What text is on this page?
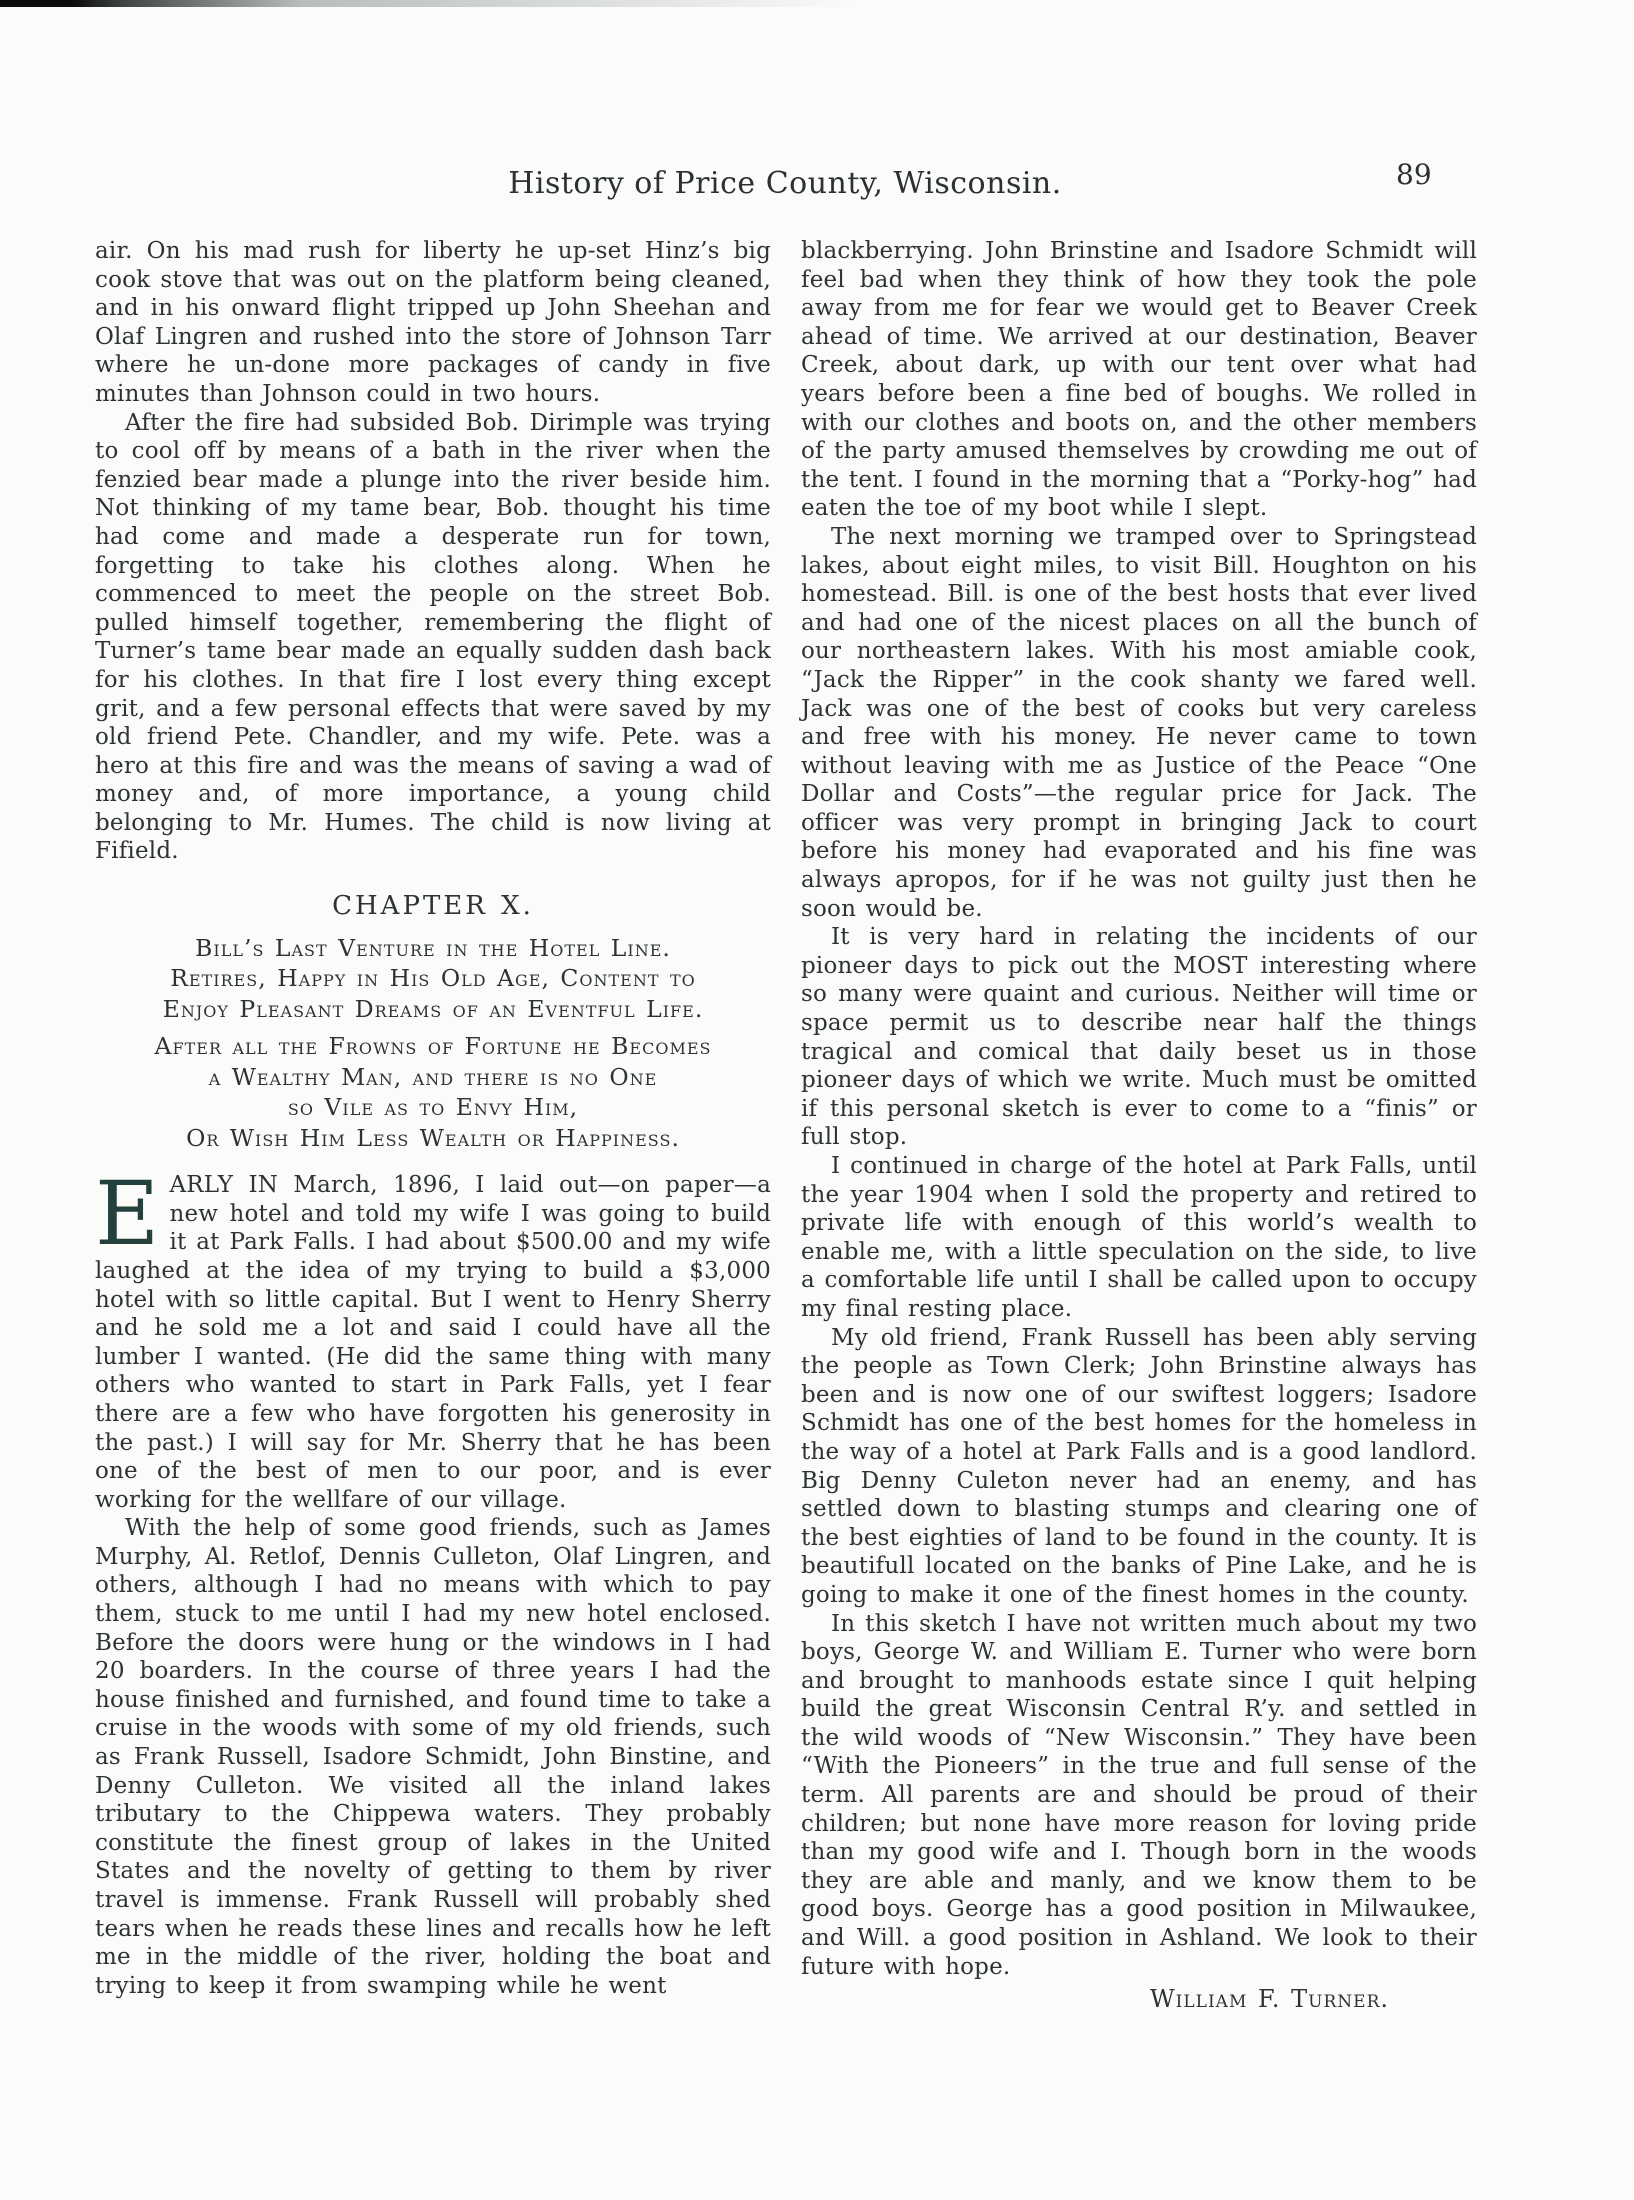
History of Price County, Wisconsin.	89

air. On his mad rush for liberty he up-set Hinz’s big cook stove that was out on the platform being cleaned, and in his onward flight tripped up John Sheehan and Olaf Lingren and rushed into the store of Johnson Tarr where he un-done more packages of candy in five minutes than Johnson could in two hours.

After the fire had subsided Bob. Dirimple was trying to cool off by means of a bath in the river when the fenzied bear made a plunge into the river beside him. Not thinking of my tame bear, Bob. thought his time had come and made a desperate run for town, forgetting to take his clothes along. When he commenced to meet the people on the street Bob. pulled himself together, remembering the flight of Turner’s tame bear made an equally sudden dash back for his clothes. In that fire I lost every thing except grit, and a few personal effects that were saved by my old friend Pete. Chandler, and my wife. Pete. was a hero at this fire and was the means of saving a wad of money and, of more importance, a young child belonging to Mr. Humes. The child is now living at Fifield.

CHAPTER X.
Bill’s Last Venture in the Hotel Line.
Retires, Happy in His Old Age, Content to
Enjoy Pleasant Dreams of an Eventful Life.
After all the Frowns of Fortune he Becomes
a Wealthy Man, and there is no One
so Vile as to Envy Him,
Or Wish Him Less Wealth or Happiness.

EARLY IN March, 1896, I laid out—on paper—a new hotel and told my wife I was going to build it at Park Falls. I had about $500.00 and my wife laughed at the idea of my trying to build a $3,000 hotel with so little capital. But I went to Henry Sherry and he sold me a lot and said I could have all the lumber I wanted. (He did the same thing with many others who wanted to start in Park Falls, yet I fear there are a few who have forgotten his generosity in the past.) I will say for Mr. Sherry that he has been one of the best of men to our poor, and is ever working for the wellfare of our village.

With the help of some good friends, such as James Murphy, Al. Retlof, Dennis Culleton, Olaf Lingren, and others, although I had no means with which to pay them, stuck to me until I had my new hotel enclosed. Before the doors were hung or the windows in I had 20 boarders. In the course of three years I had the house finished and furnished, and found time to take a cruise in the woods with some of my old friends, such as Frank Russell, Isadore Schmidt, John Binstine, and Denny Culleton. We visited all the inland lakes tributary to the Chippewa waters. They probably constitute the finest group of lakes in the United States and the novelty of getting to them by river travel is immense. Frank Russell will probably shed tears when he reads these lines and recalls how he left me in the middle of the river, holding the boat and trying to keep it from swamping while he went

blackberrying. John Brinstine and Isadore Schmidt will feel bad when they think of how they took the pole away from me for fear we would get to Beaver Creek ahead of time. We arrived at our destination, Beaver Creek, about dark, up with our tent over what had years before been a fine bed of boughs. We rolled in with our clothes and boots on, and the other members of the party amused themselves by crowding me out of the tent. I found in the morning that a “Porky-hog” had eaten the toe of my boot while I slept.

The next morning we tramped over to Springstead lakes, about eight miles, to visit Bill. Houghton on his homestead. Bill. is one of the best hosts that ever lived and had one of the nicest places on all the bunch of our northeastern lakes. With his most amiable cook, “Jack the Ripper” in the cook shanty we fared well. Jack was one of the best of cooks but very careless and free with his money. He never came to town without leaving with me as Justice of the Peace “One Dollar and Costs”—the regular price for Jack. The officer was very prompt in bringing Jack to court before his money had evaporated and his fine was always apropos, for if he was not guilty just then he soon would be.

It is very hard in relating the incidents of our pioneer days to pick out the MOST interesting where so many were quaint and curious. Neither will time or space permit us to describe near half the things tragical and comical that daily beset us in those pioneer days of which we write. Much must be omitted if this personal sketch is ever to come to a “finis” or full stop.

I continued in charge of the hotel at Park Falls, until the year 1904 when I sold the property and retired to private life with enough of this world’s wealth to enable me, with a little speculation on the side, to live a comfortable life until I shall be called upon to occupy my final resting place.

My old friend, Frank Russell has been ably serving the people as Town Clerk; John Brinstine always has been and is now one of our swiftest loggers; Isadore Schmidt has one of the best homes for the homeless in the way of a hotel at Park Falls and is a good landlord. Big Denny Culeton never had an enemy, and has settled down to blasting stumps and clearing one of the best eighties of land to be found in the county. It is beautifull located on the banks of Pine Lake, and he is going to make it one of the finest homes in the county.

In this sketch I have not written much about my two boys, George W. and William E. Turner who were born and brought to manhoods estate since I quit helping build the great Wisconsin Central R’y. and settled in the wild woods of “New Wisconsin.” They have been “With the Pioneers” in the true and full sense of the term. All parents are and should be proud of their children; but none have more reason for loving pride than my good wife and I. Though born in the woods they are able and manly, and we know them to be good boys. George has a good position in Milwaukee, and Will. a good position in Ashland. We look to their future with hope.

William F. Turner.
